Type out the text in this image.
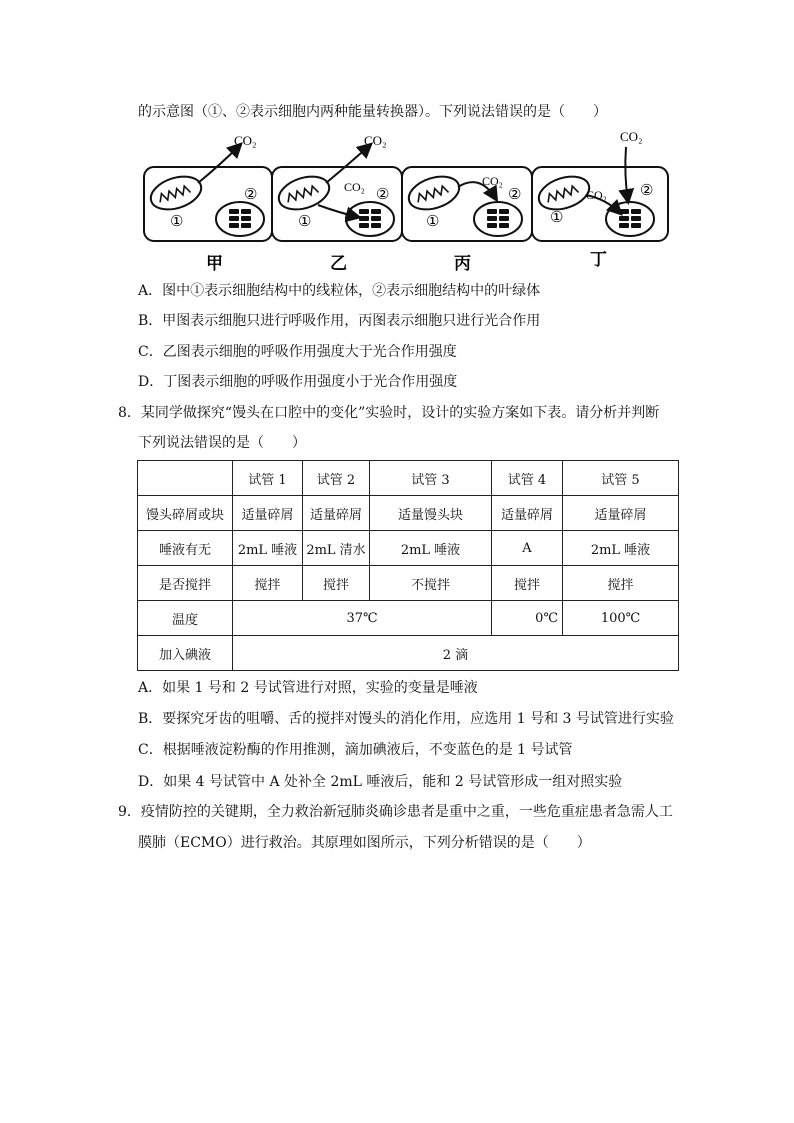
的示意图（①、②表示细胞内两种能量转换器）。下列说法错误的是（　　）
CO₂
①
②
CO₂
CO₂
①
②
CO₂
①
②
CO₂
CO₂
①
②
甲	乙	丙	丁
A．图中①表示细胞结构中的线粒体，②表示细胞结构中的叶绿体
B．甲图表示细胞只进行呼吸作用，丙图表示细胞只进行光合作用
C．乙图表示细胞的呼吸作用强度大于光合作用强度
D．丁图表示细胞的呼吸作用强度小于光合作用强度
8．某同学做探究“馒头在口腔中的变化”实验时，设计的实验方案如下表。请分析并判断
下列说法错误的是（　　）
	试管 1	试管 2	试管 3	试管 4	试管 5
馒头碎屑或块	适量碎屑	适量碎屑	适量馒头块	适量碎屑	适量碎屑
唾液有无	2mL 唾液	2mL 清水	2mL 唾液	A	2mL 唾液
是否搅拌	搅拌	搅拌	不搅拌	搅拌	搅拌
温度	37℃			0℃	100℃
加入碘液	2 滴				
A．如果 1 号和 2 号试管进行对照，实验的变量是唾液
B．要探究牙齿的咀嚼、舌的搅拌对馒头的消化作用，应选用 1 号和 3 号试管进行实验
C．根据唾液淀粉酶的作用推测，滴加碘液后，不变蓝色的是 1 号试管
D．如果 4 号试管中 A 处补全 2mL 唾液后，能和 2 号试管形成一组对照实验
9．疫情防控的关键期，全力救治新冠肺炎确诊患者是重中之重，一些危重症患者急需人工
膜肺（ECMO）进行救治。其原理如图所示，下列分析错误的是（　　）
